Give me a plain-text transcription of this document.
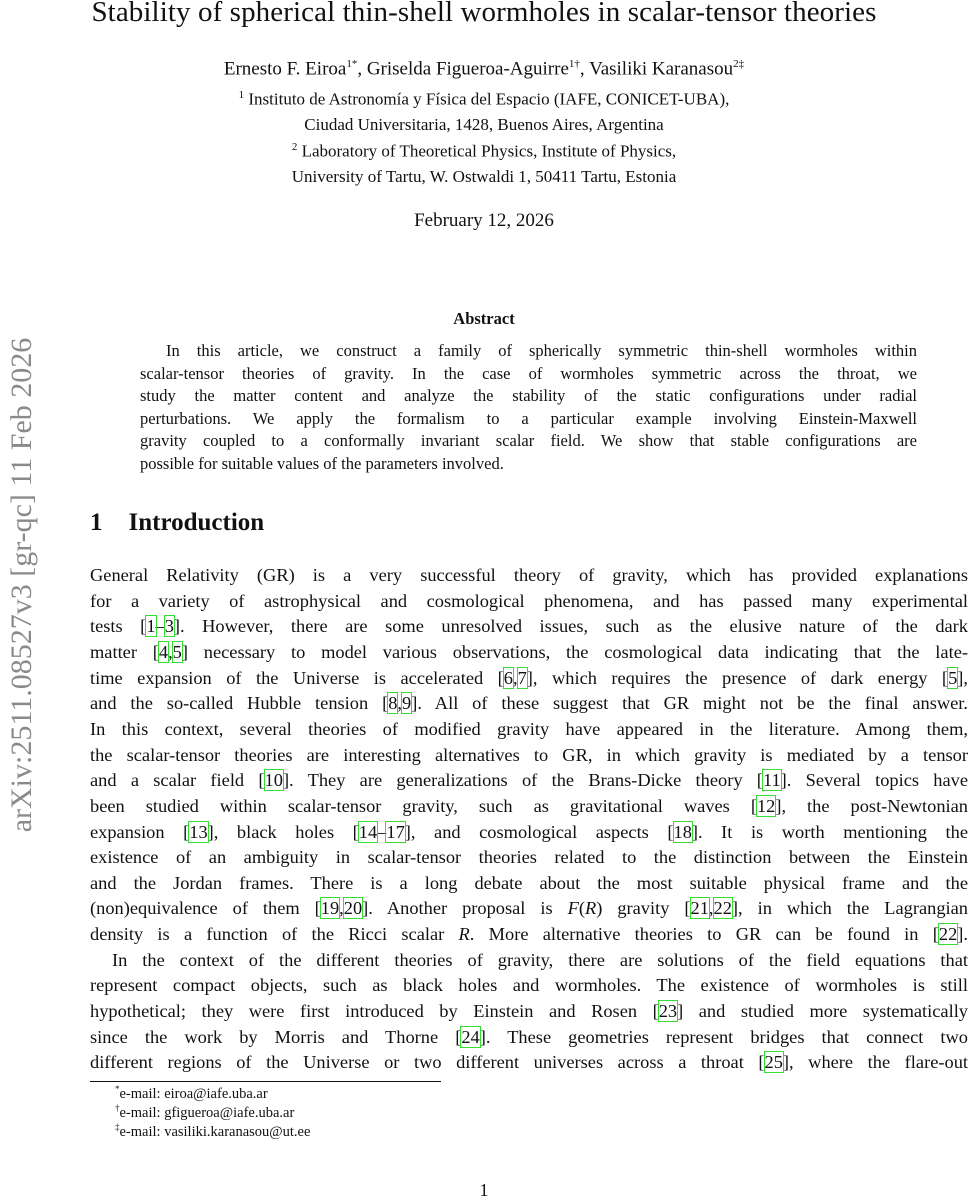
arXiv:2511.08527v3 [gr-qc] 11 Feb 2026
Stability of spherical thin-shell wormholes in scalar-tensor theories
Ernesto F. Eiroa$^{1*}$, Griselda Figueroa-Aguirre$^{1\dagger}$, Vasiliki Karanasou$^{2\ddagger}$
$^1$ Instituto de Astronomía y Física del Espacio (IAFE, CONICET-UBA),
Ciudad Universitaria, 1428, Buenos Aires, Argentina
$^2$ Laboratory of Theoretical Physics, Institute of Physics,
University of Tartu, W. Ostwaldi 1, 50411 Tartu, Estonia
February 12, 2026
Abstract
In this article, we construct a family of spherically symmetric thin-shell wormholes within
scalar-tensor theories of gravity. In the case of wormholes symmetric across the throat, we
study the matter content and analyze the stability of the static configurations under radial
perturbations. We apply the formalism to a particular example involving Einstein-Maxwell
gravity coupled to a conformally invariant scalar field. We show that stable configurations are
possible for suitable values of the parameters involved.
1 Introduction
General Relativity (GR) is a very successful theory of gravity, which has provided explanations
for a variety of astrophysical and cosmological phenomena, and has passed many experimental
tests [1–3]. However, there are some unresolved issues, such as the elusive nature of the dark
matter [4,5] necessary to model various observations, the cosmological data indicating that the late-
time expansion of the Universe is accelerated [6,7], which requires the presence of dark energy [5],
and the so-called Hubble tension [8,9]. All of these suggest that GR might not be the final answer.
In this context, several theories of modified gravity have appeared in the literature. Among them,
the scalar-tensor theories are interesting alternatives to GR, in which gravity is mediated by a tensor
and a scalar field [10]. They are generalizations of the Brans-Dicke theory [11]. Several topics have
been studied within scalar-tensor gravity, such as gravitational waves [12], the post-Newtonian
expansion [13], black holes [14–17], and cosmological aspects [18]. It is worth mentioning the
existence of an ambiguity in scalar-tensor theories related to the distinction between the Einstein
and the Jordan frames. There is a long debate about the most suitable physical frame and the
(non)equivalence of them [19,20]. Another proposal is F(R) gravity [21,22], in which the Lagrangian
density is a function of the Ricci scalar R. More alternative theories to GR can be found in [22].
In the context of the different theories of gravity, there are solutions of the field equations that
represent compact objects, such as black holes and wormholes. The existence of wormholes is still
hypothetical; they were first introduced by Einstein and Rosen [23] and studied more systematically
since the work by Morris and Thorne [24]. These geometries represent bridges that connect two
different regions of the Universe or two different universes across a throat [25], where the flare-out
*e-mail: eiroa@iafe.uba.ar
†e-mail: gfigueroa@iafe.uba.ar
‡e-mail: vasiliki.karanasou@ut.ee
1
